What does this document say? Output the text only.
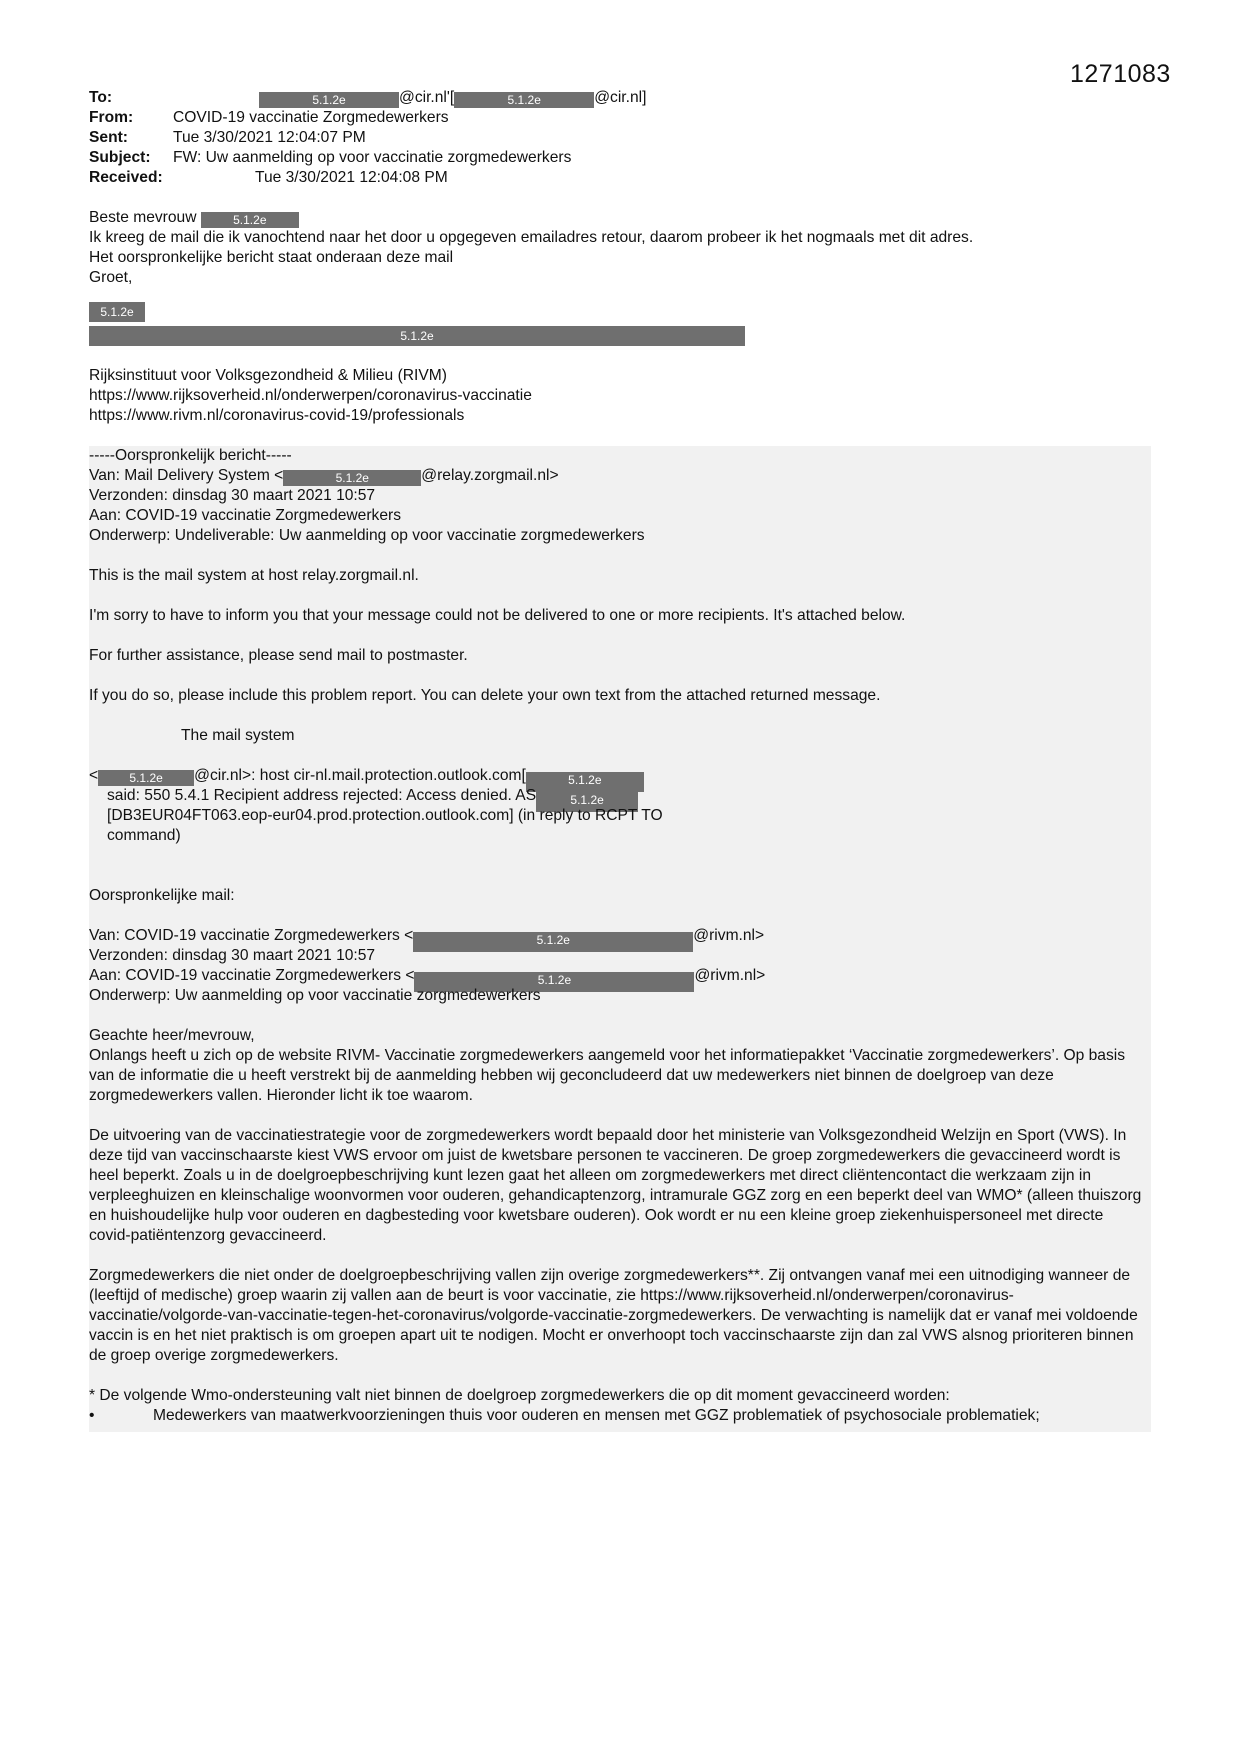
1271083
To:	5.1.2e	@cir.nl'[	5.1.2e	@cir.nl]
From:	COVID-19 vaccinatie Zorgmedewerkers
Sent:	Tue 3/30/2021 12:04:07 PM
Subject: FW: Uw aanmelding op voor vaccinatie zorgmedewerkers
Received:	Tue 3/30/2021 12:04:08 PM
Beste mevrouw	5.1.2e
Ik kreeg de mail die ik vanochtend naar het door u opgegeven emailadres retour, daarom probeer ik het nogmaals met dit adres.
Het oorspronkelijke bericht staat onderaan deze mail
Groet,
5.1.2e
5.1.2e
Rijksinstituut voor Volksgezondheid & Milieu (RIVM)
https://www.rijksoverheid.nl/onderwerpen/coronavirus-vaccinatie
https://www.rivm.nl/coronavirus-covid-19/professionals
-----Oorspronkelijk bericht-----
Van: Mail Delivery System <	5.1.2e	@relay.zorgmail.nl>
Verzonden: dinsdag 30 maart 2021 10:57
Aan: COVID-19 vaccinatie Zorgmedewerkers
Onderwerp: Undeliverable: Uw aanmelding op voor vaccinatie zorgmedewerkers
This is the mail system at host relay.zorgmail.nl.
I'm sorry to have to inform you that your message could not be delivered to one or more recipients. It's attached below.
For further assistance, please send mail to postmaster.
If you do so, please include this problem report. You can delete your own text from the attached returned message.
The mail system
<	5.1.2e @cir.nl>: host cir-nl.mail.protection.outlook.com[	5.1.2e
said: 550 5.4.1 Recipient address rejected: Access denied. AS	5.1.2e
[DB3EUR04FT063.eop-eur04.prod.protection.outlook.com] (in reply to RCPT TO
command)
Oorspronkelijke mail:
Van: COVID-19 vaccinatie Zorgmedewerkers <	5.1.2e	@rivm.nl>
Verzonden: dinsdag 30 maart 2021 10:57
Aan: COVID-19 vaccinatie Zorgmedewerkers <	5.1.2e	@rivm.nl>
Onderwerp: Uw aanmelding op voor vaccinatie zorgmedewerkers
Geachte heer/mevrouw,
Onlangs heeft u zich op de website RIVM- Vaccinatie zorgmedewerkers aangemeld voor het informatiepakket ‘Vaccinatie zorgmedewerkers’. Op basis van de informatie die u heeft verstrekt bij de aanmelding hebben wij geconcludeerd dat uw medewerkers niet binnen de doelgroep van deze zorgmedewerkers vallen. Hieronder licht ik toe waarom.
De uitvoering van de vaccinatiestrategie voor de zorgmedewerkers wordt bepaald door het ministerie van Volksgezondheid Welzijn en Sport (VWS). In deze tijd van vaccinschaarste kiest VWS ervoor om juist de kwetsbare personen te vaccineren. De groep zorgmedewerkers die gevaccineerd wordt is heel beperkt. Zoals u in de doelgroepbeschrijving kunt lezen gaat het alleen om zorgmedewerkers met direct cliëntencontact die werkzaam zijn in verpleeghuizen en kleinschalige woonvormen voor ouderen, gehandicaptenzorg, intramurale GGZ zorg en een beperkt deel van WMO* (alleen thuiszorg en huishoudelijke hulp voor ouderen en dagbesteding voor kwetsbare ouderen). Ook wordt er nu een kleine groep ziekenhuispersoneel met directe covid-patiëntenzorg gevaccineerd.
Zorgmedewerkers die niet onder de doelgroepbeschrijving vallen zijn overige zorgmedewerkers**. Zij ontvangen vanaf mei een uitnodiging wanneer de (leeftijd of medische) groep waarin zij vallen aan de beurt is voor vaccinatie, zie https://www.rijksoverheid.nl/onderwerpen/coronavirus-vaccinatie/volgorde-van-vaccinatie-tegen-het-coronavirus/volgorde-vaccinatie-zorgmedewerkers. De verwachting is namelijk dat er vanaf mei voldoende vaccin is en het niet praktisch is om groepen apart uit te nodigen. Mocht er onverhoopt toch vaccinschaarste zijn dan zal VWS alsnog prioriteren binnen de groep overige zorgmedewerkers.
* De volgende Wmo-ondersteuning valt niet binnen de doelgroep zorgmedewerkers die op dit moment gevaccineerd worden:
•	Medewerkers van maatwerkvoorzieningen thuis voor ouderen en mensen met GGZ problematiek of psychosociale problematiek;
